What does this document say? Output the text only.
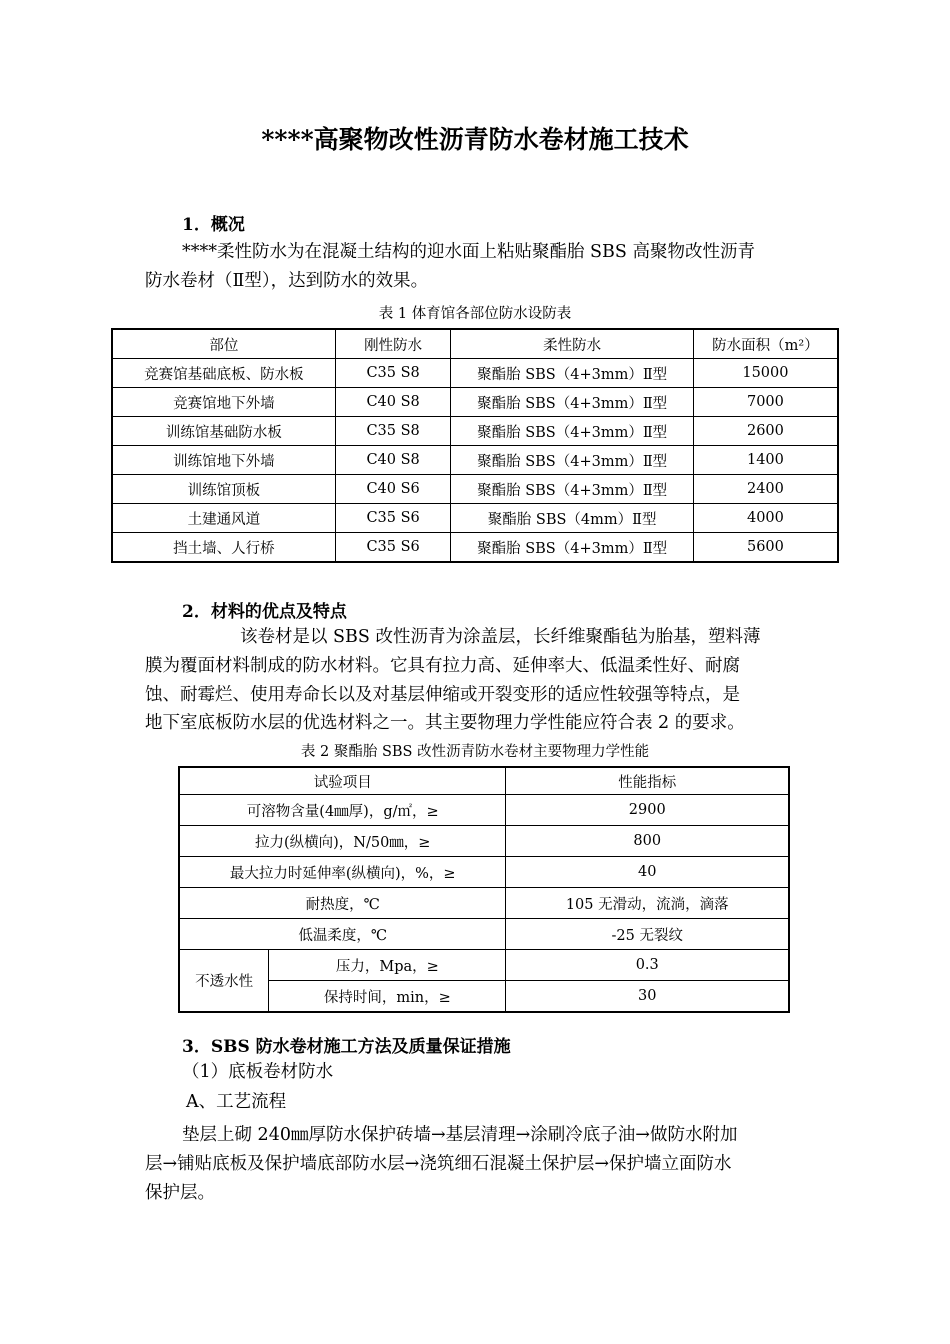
****高聚物改性沥青防水卷材施工技术
1．概况
****柔性防水为在混凝土结构的迎水面上粘贴聚酯胎 SBS 高聚物改性沥青
防水卷材（Ⅱ型），达到防水的效果。
表 1 体育馆各部位防水设防表
部位	刚性防水	柔性防水	防水面积（m²）
竞赛馆基础底板、防水板	C35 S8	聚酯胎 SBS（4+3mm）Ⅱ型	15000
竞赛馆地下外墙	C40 S8	聚酯胎 SBS（4+3mm）Ⅱ型	7000
训练馆基础防水板	C35 S8	聚酯胎 SBS（4+3mm）Ⅱ型	2600
训练馆地下外墙	C40 S8	聚酯胎 SBS（4+3mm）Ⅱ型	1400
训练馆顶板	C40 S6	聚酯胎 SBS（4+3mm）Ⅱ型	2400
土建通风道	C35 S6	聚酯胎 SBS（4mm）Ⅱ型	4000
挡土墙、人行桥	C35 S6	聚酯胎 SBS（4+3mm）Ⅱ型	5600
2．材料的优点及特点
该卷材是以 SBS 改性沥青为涂盖层，长纤维聚酯毡为胎基，塑料薄
膜为覆面材料制成的防水材料。它具有拉力高、延伸率大、低温柔性好、耐腐
蚀、耐霉烂、使用寿命长以及对基层伸缩或开裂变形的适应性较强等特点，是
地下室底板防水层的优选材料之一。其主要物理力学性能应符合表 2 的要求。
表 2 聚酯胎 SBS 改性沥青防水卷材主要物理力学性能
试验项目		性能指标
可溶物含量(4㎜厚)，g/㎡，≥		2900
拉力(纵横向)，N/50㎜，≥		800
最大拉力时延伸率(纵横向)，%，≥		40
耐热度，℃		105 无滑动，流淌，滴落
低温柔度，℃		-25 无裂纹
不透水性	压力，Mpa，≥	0.3
	保持时间，min，≥	30
3．SBS 防水卷材施工方法及质量保证措施
（1）底板卷材防水
A、工艺流程
垫层上砌 240㎜厚防水保护砖墙→基层清理→涂刷冷底子油→做防水附加
层→铺贴底板及保护墙底部防水层→浇筑细石混凝土保护层→保护墙立面防水
保护层。
